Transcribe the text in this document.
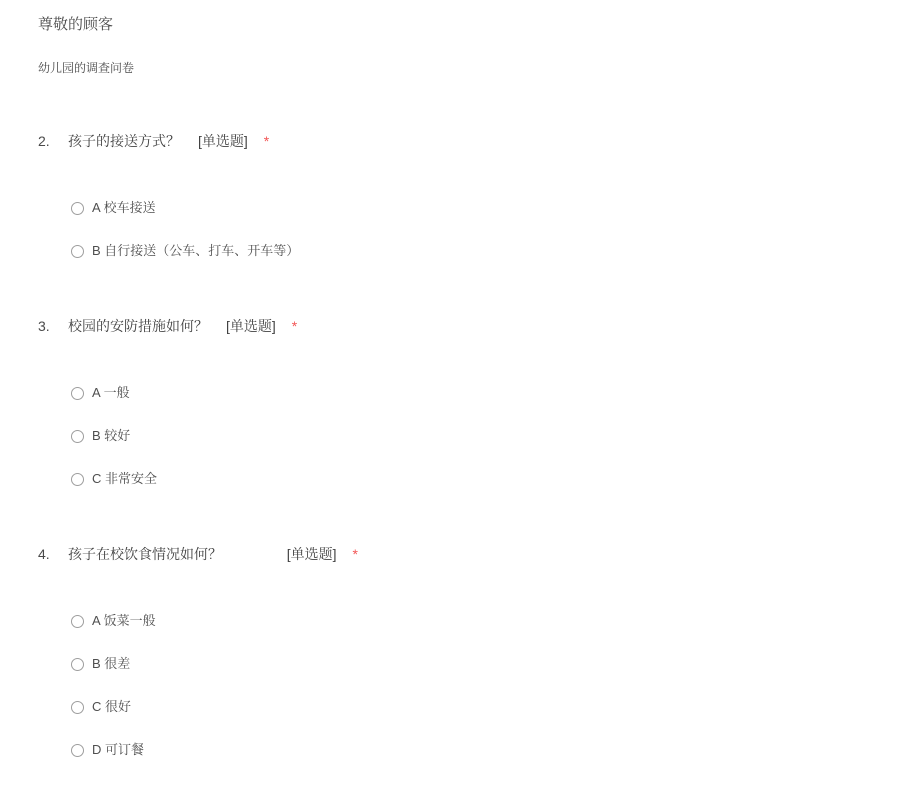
尊敬的顾客
幼儿园的调查问卷
2.	孩子的接送方式？ [单选题] *
A 校车接送
B 自行接送（公车、打车、开车等）
3.	校园的安防措施如何？ [单选题] *
A 一般
B 较好
C 非常安全
4.	孩子在校饮食情况如何？ [单选题] *
A 饭菜一般
B 很差
C 很好
D 可订餐
